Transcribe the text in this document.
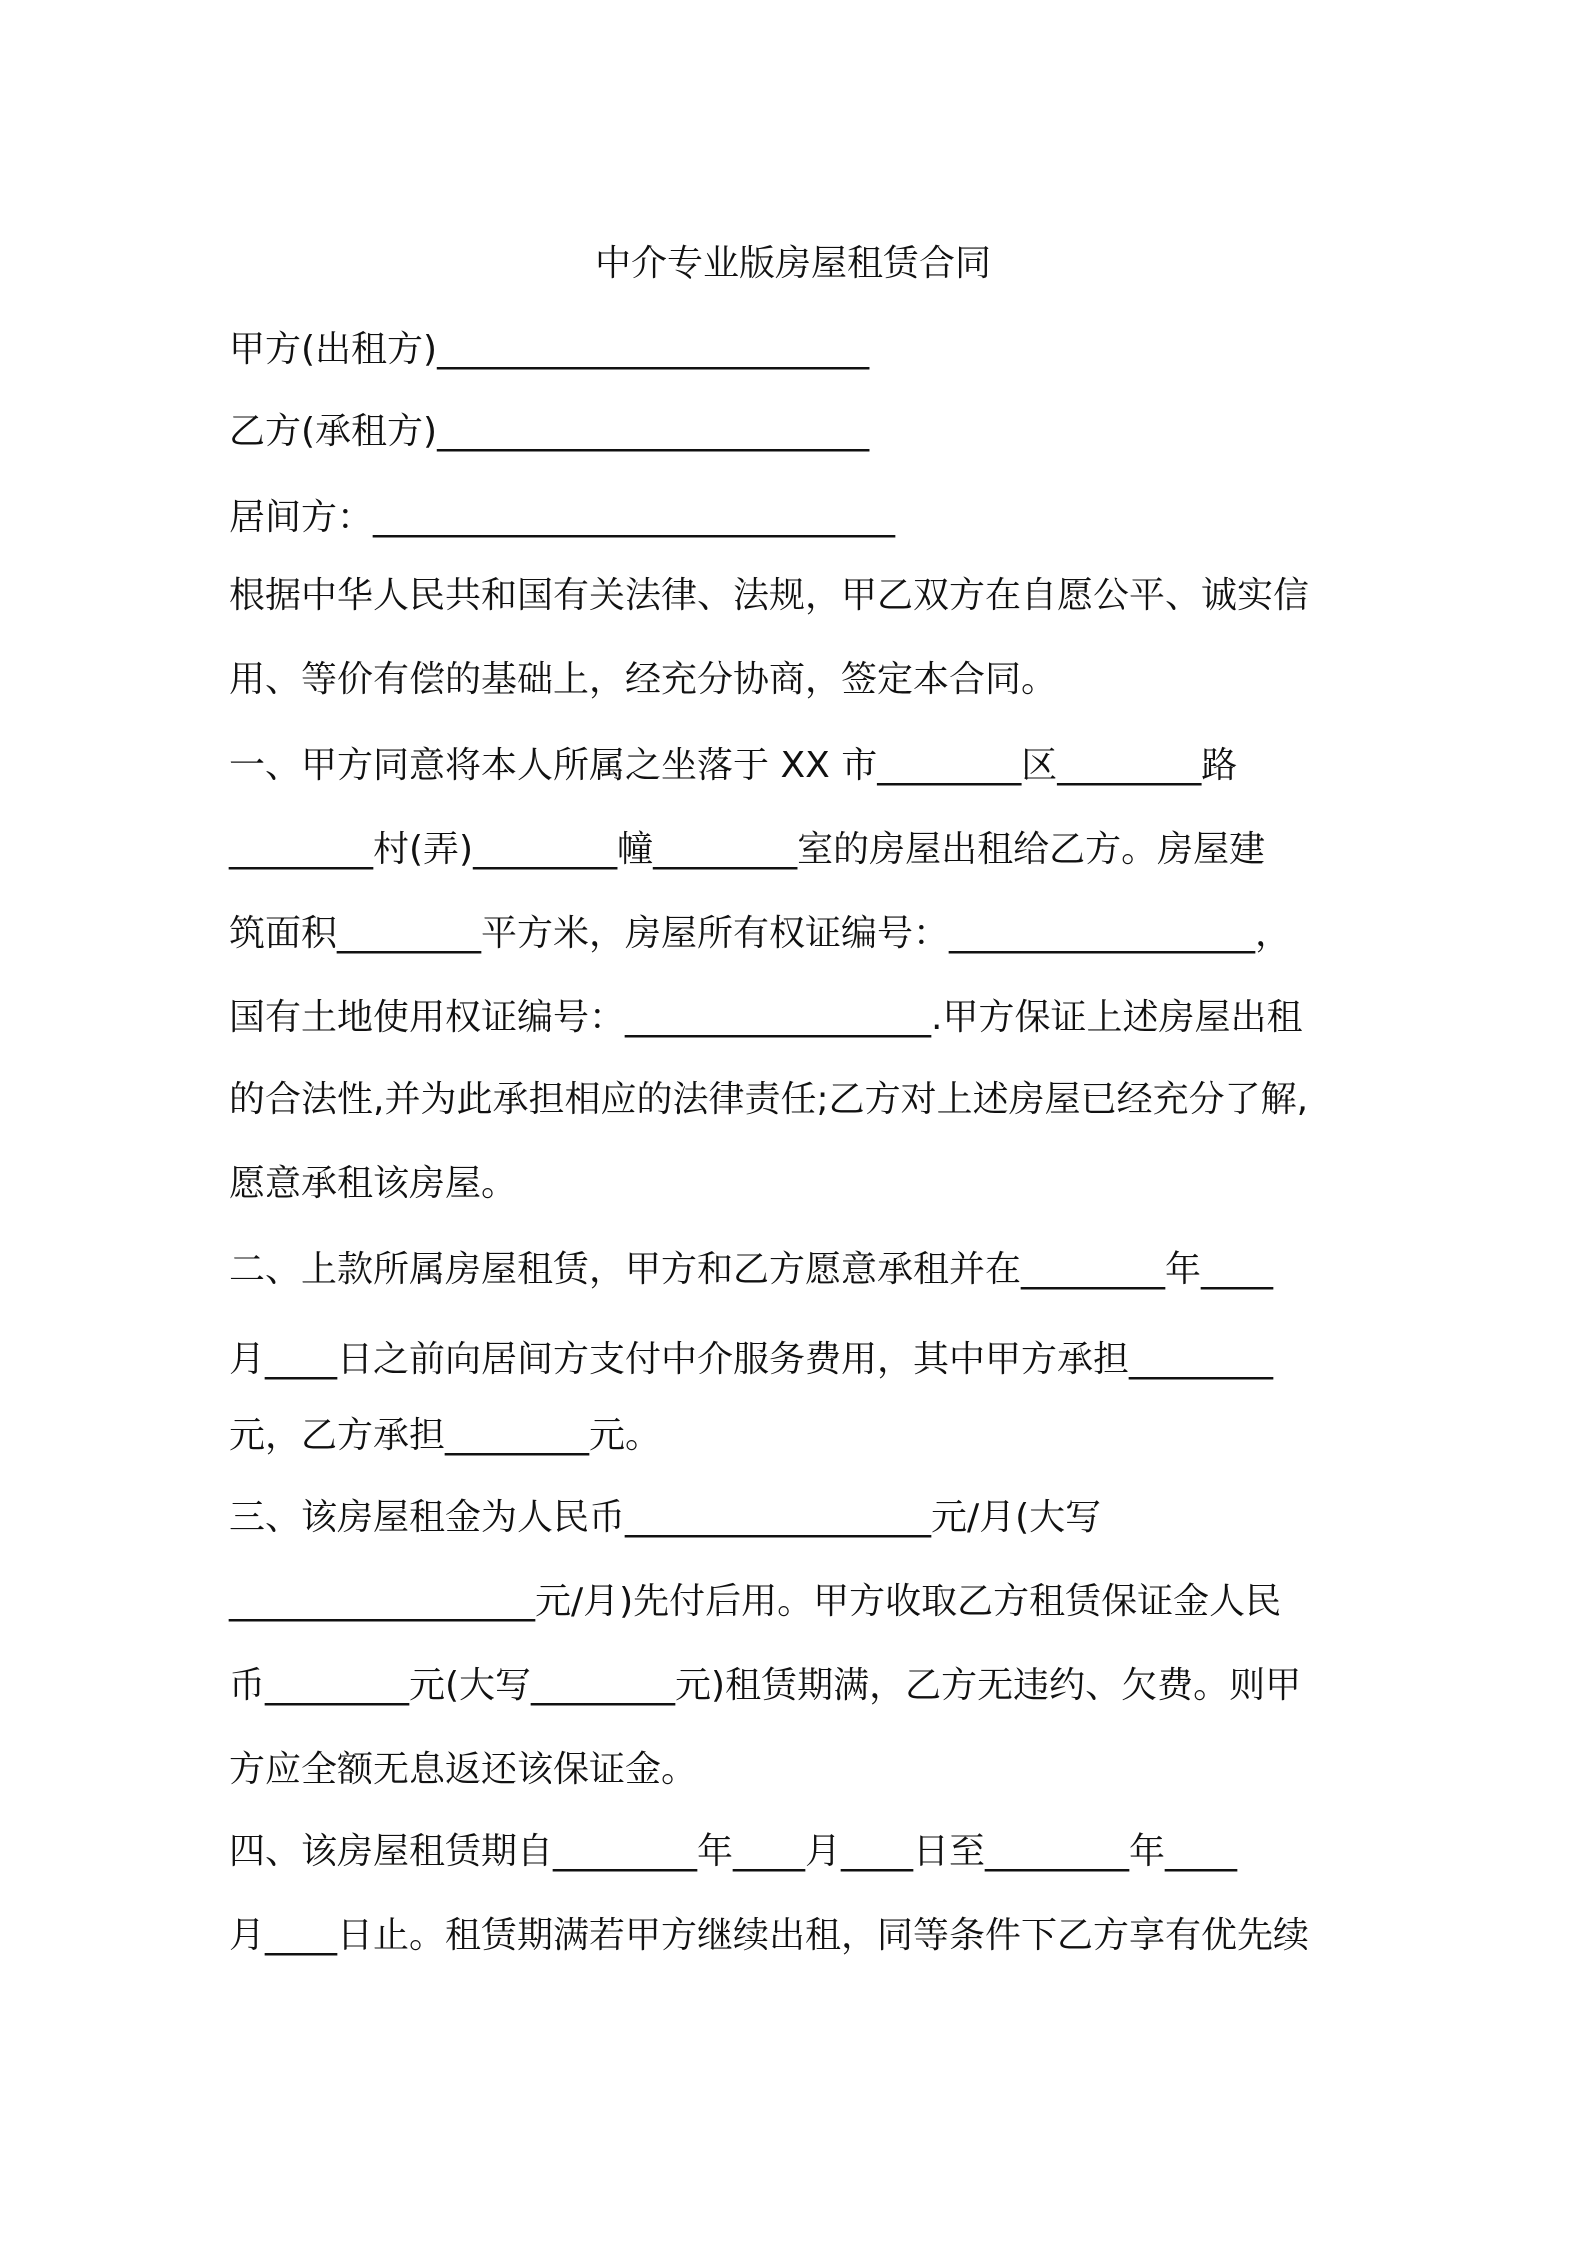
中介专业版房屋租赁合同
甲方(出租方)________________________
乙方(承租方)________________________
居间方：_____________________________
根据中华人民共和国有关法律、法规，甲乙双方在自愿公平、诚实信
用、等价有偿的基础上，经充分协商，签定本合同。
一、甲方同意将本人所属之坐落于 XX 市________区________路
________村(弄)________幢________室的房屋出租给乙方。房屋建
筑面积________平方米，房屋所有权证编号：_________________，
国有土地使用权证编号：_________________.甲方保证上述房屋出租
的合法性,并为此承担相应的法律责任;乙方对上述房屋已经充分了解,
愿意承租该房屋。
二、上款所属房屋租赁，甲方和乙方愿意承租并在________年____
月____日之前向居间方支付中介服务费用，其中甲方承担________
元，乙方承担________元。
三、该房屋租金为人民币_________________元/月(大写
_________________元/月)先付后用。甲方收取乙方租赁保证金人民
币________元(大写________元)租赁期满，乙方无违约、欠费。则甲
方应全额无息返还该保证金。
四、该房屋租赁期自________年____月____日至________年____
月____日止。租赁期满若甲方继续出租，同等条件下乙方享有优先续
